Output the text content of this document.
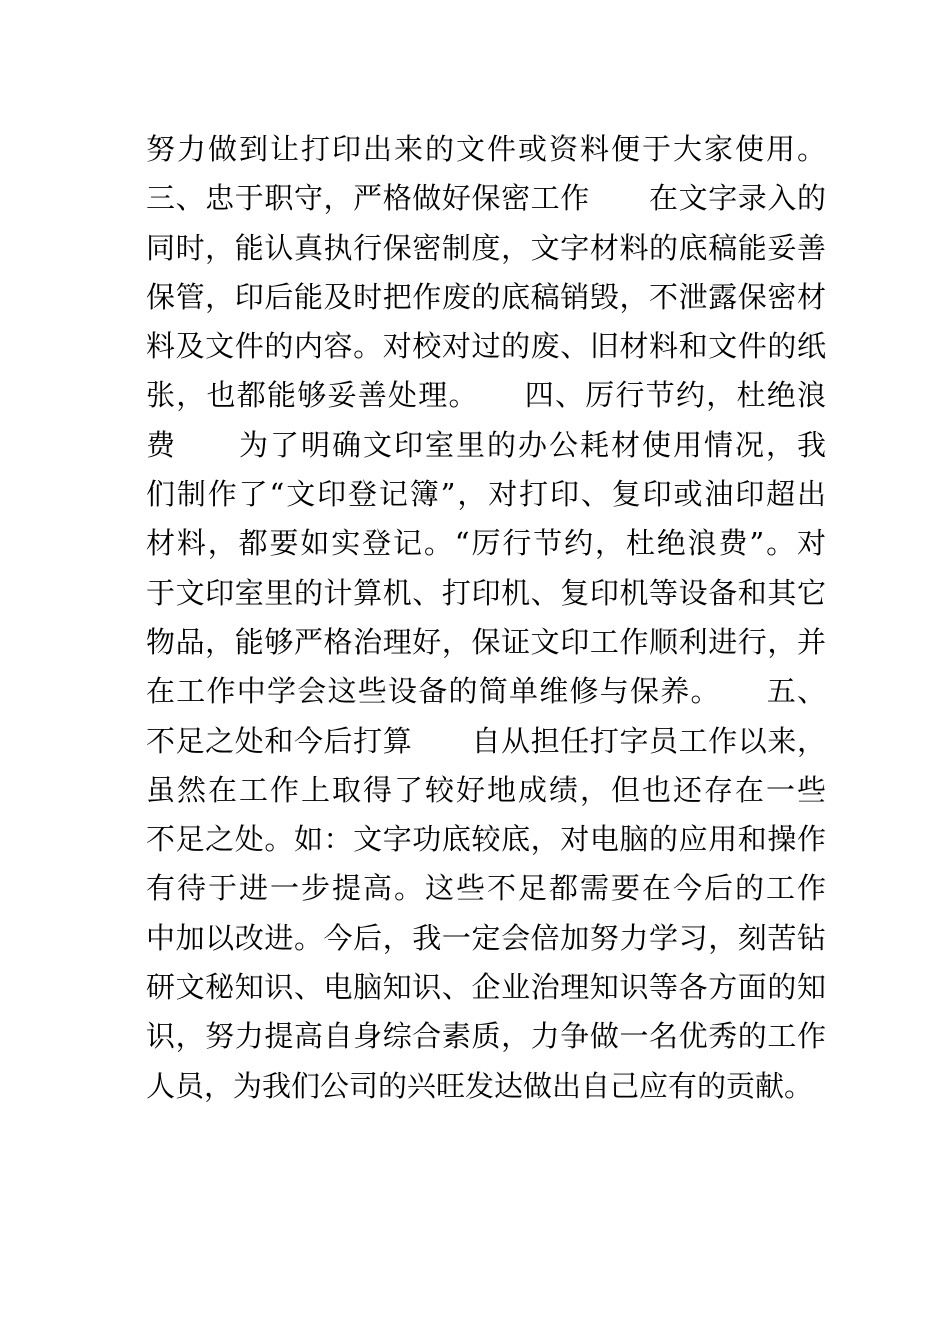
努力做到让打印出来的文件或资料便于大家使用。
三、忠于职守，严格做好保密工作　　在文字录入的
同时，能认真执行保密制度，文字材料的底稿能妥善
保管，印后能及时把作废的底稿销毁，不泄露保密材
料及文件的内容。对校对过的废、旧材料和文件的纸
张，也都能够妥善处理。　　四、厉行节约，杜绝浪
费　　为了明确文印室里的办公耗材使用情况，我
们制作了“文印登记簿”，对打印、复印或油印超出
材料，都要如实登记。“厉行节约，杜绝浪费”。对
于文印室里的计算机、打印机、复印机等设备和其它
物品，能够严格治理好，保证文印工作顺利进行，并
在工作中学会这些设备的简单维修与保养。　　五、
不足之处和今后打算　　自从担任打字员工作以来，
虽然在工作上取得了较好地成绩，但也还存在一些
不足之处。如：文字功底较底，对电脑的应用和操作
有待于进一步提高。这些不足都需要在今后的工作
中加以改进。今后，我一定会倍加努力学习，刻苦钻
研文秘知识、电脑知识、企业治理知识等各方面的知
识，努力提高自身综合素质，力争做一名优秀的工作
人员，为我们公司的兴旺发达做出自己应有的贡献。
